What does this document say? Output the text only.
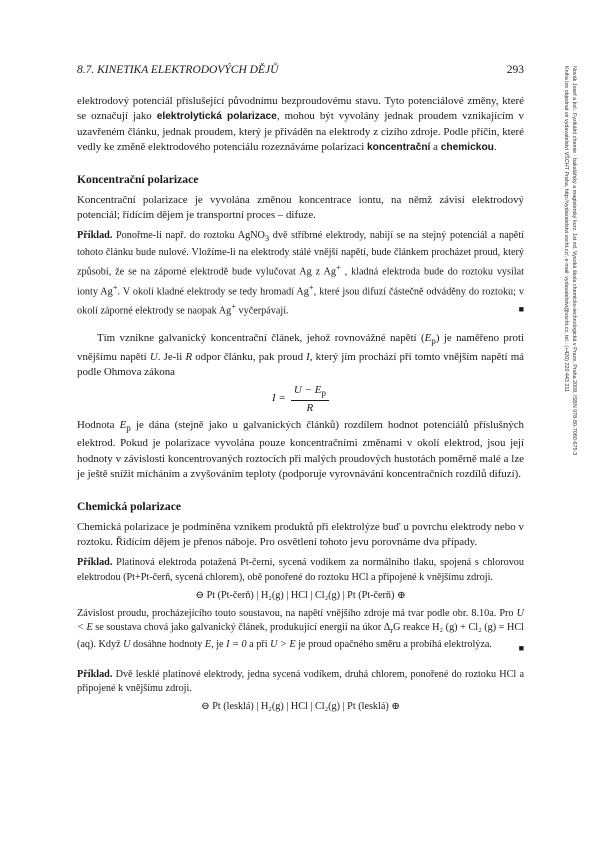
8.7. KINETIKA ELEKTRODOVÝCH DĚJŮ	293	Novák Josef a kol.: Fyzikální chemie - bakalářský a magisterský kurz. 1st ed. Vysoká škola chemicko-technologická v Praze, Praha 2008. ISBN 978-80-7080-675-3
Kniha lze objednat ve vydavatelství VŠCHT Praha, http://vydavatelstvi.vscht.cz/, e-mail: vydavatelstvi@vscht.cz, tel.: (+420) 220 443 211

elektrodový potenciál příslušející původnímu bezproudovému stavu. Tyto potenciálové změny, které se označují jako elektrolytická polarizace, mohou být vyvolány jednak proudem vznikajícím v uzavřeném článku, jednak proudem, který je přiváděn na elektrody z cizího zdroje. Podle příčin, které vedly ke změně elektrodového potenciálu rozeznáváme polarizaci koncentrační a chemickou.

Koncentrační polarizace

Koncentrační polarizace je vyvolána změnou koncentrace iontu, na němž závisí elektrodový potenciál; řídícím dějem je transportní proces – difuze.

Příklad. Ponořme-li např. do roztoku AgNO$_3$ dvě stříbrné elektrody, nabijí se na stejný potenciál a napětí tohoto článku bude nulové. Vložíme-li na elektrody stálé vnější napětí, bude článkem procházet proud, který způsobí, že se na záporné elektrodě bude vylučovat Ag z Ag+ , kladná elektroda bude do roztoku vysílat ionty Ag+. V okolí kladné elektrody se tedy hromadí Ag+, které jsou difuzí částečně odváděny do roztoku; v okolí záporné elektrody se naopak Ag+ vyčerpávají.	■

Tím vznikne galvanický koncentrační článek, jehož rovnovážné napětí $(E_p)$ je naměřeno proti vnějšímu napětí U. Je-li R odpor článku, pak proud I, který jím prochází při tomto vnějším napětí má podle Ohmova zákona

$I = \frac{U - E_p}{R}$

Hodnota $E_p$ je dána (stejně jako u galvanických článků) rozdílem hodnot potenciálů příslušných elektrod. Pokud je polarizace vyvolána pouze koncentračními změnami v okolí elektrod, jsou její hodnoty v závislosti koncentrovaných roztocích při malých proudových hustotách poměrně malé a lze je ještě snížit mícháním a zvyšováním teploty (podporuje vyrovnávání koncentračních rozdílů difuzí).

Chemická polarizace

Chemická polarizace je podmíněna vznikem produktů při elektrolýze buď u povrchu elektrody nebo v roztoku. Řídícím dějem je přenos náboje. Pro osvětlení tohoto jevu porovnáme dva případy.

Příklad. Platinová elektroda potažená Pt-černí, sycená vodíkem za normálního tlaku, spojená s chlorovou elektrodou (Pt+Pt-čerň, sycená chlorem), obě ponořené do roztoku HCl a připojené k vnějšímu zdroji.

⊖ Pt (Pt-čerň) | H₂(g) | HCl | Cl₂(g) | Pt (Pt-čerň) ⊕

Závislost proudu, procházejícího touto soustavou, na napětí vnějšího zdroje má tvar podle obr. 8.10a. Pro U < E se soustava chová jako galvanický článek, produkující energii na úkor $\Delta_rG$ reakce H₂ (g) + Cl₂ (g) = HCl (aq). Když U dosáhne hodnoty E, je I = 0 a při U > E je proud opačného směru a probíhá elektrolýza.	■

Příklad. Dvě lesklé platinové elektrody, jedna sycená vodíkem, druhá chlorem, ponořené do roztoku HCl a připojené k vnějšímu zdroji.

⊖ Pt (lesklá) | H₂(g) | HCl | Cl₂(g) | Pt (lesklá) ⊕
